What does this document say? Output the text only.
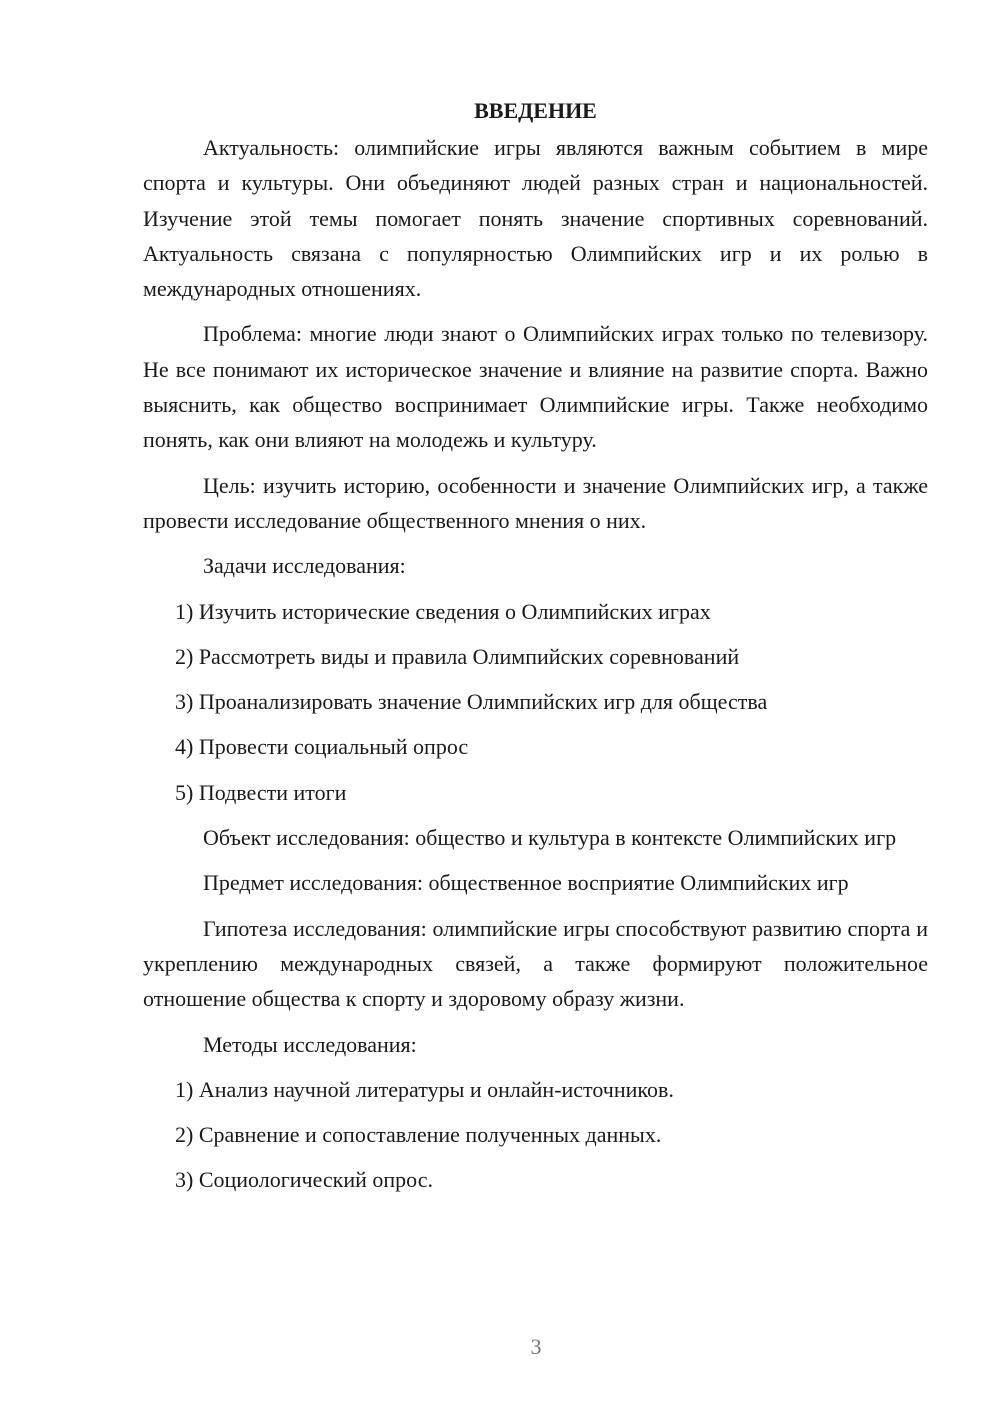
ВВЕДЕНИЕ

Актуальность: олимпийские игры являются важным событием в мире спорта и культуры. Они объединяют людей разных стран и национальностей. Изучение этой темы помогает понять значение спортивных соревнований. Актуальность связана с популярностью Олимпийских игр и их ролью в международных отношениях.

Проблема: многие люди знают о Олимпийских играх только по телевизору. Не все понимают их историческое значение и влияние на развитие спорта. Важно выяснить, как общество воспринимает Олимпийские игры. Также необходимо понять, как они влияют на молодежь и культуру.

Цель: изучить историю, особенности и значение Олимпийских игр, а также провести исследование общественного мнения о них.

Задачи исследования:

1) Изучить исторические сведения о Олимпийских играх
2) Рассмотреть виды и правила Олимпийских соревнований
3) Проанализировать значение Олимпийских игр для общества
4) Провести социальный опрос
5) Подвести итоги

Объект исследования: общество и культура в контексте Олимпийских игр

Предмет исследования: общественное восприятие Олимпийских игр

Гипотеза исследования: олимпийские игры способствуют развитию спорта и укреплению международных связей, а также формируют положительное отношение общества к спорту и здоровому образу жизни.

Методы исследования:

1) Анализ научной литературы и онлайн-источников.
2) Сравнение и сопоставление полученных данных.
3) Социологический опрос.
3
